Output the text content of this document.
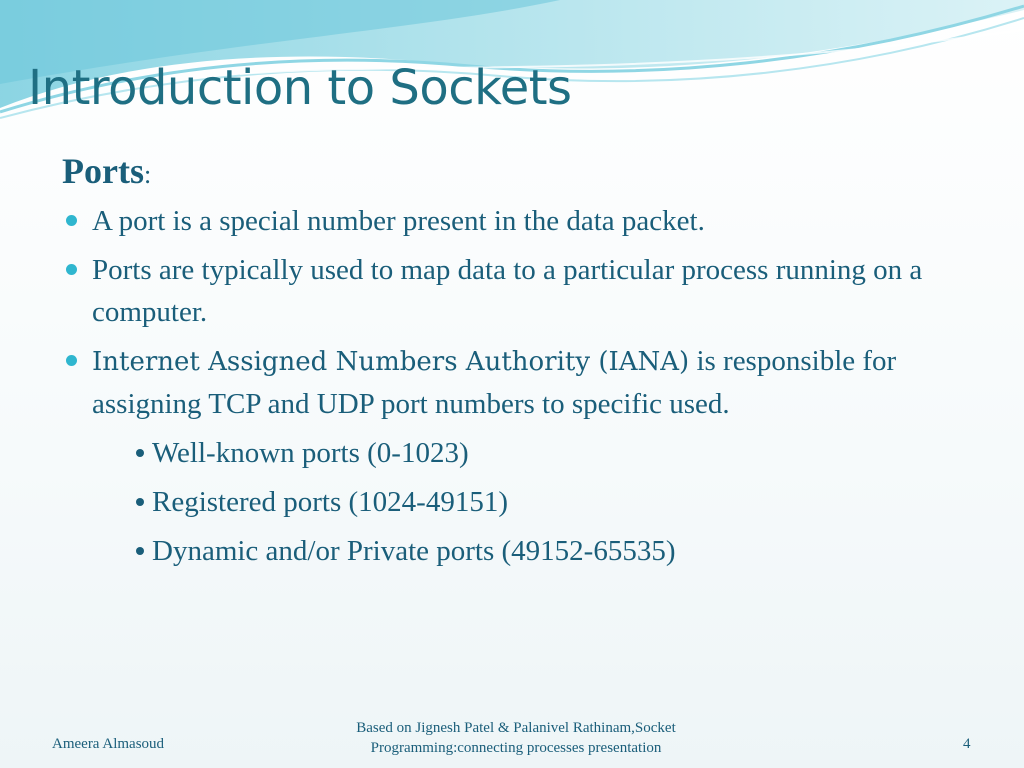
Introduction to Sockets
Ports:
A port is a special number present in the data packet.
Ports are typically used to map data to a particular process running on a computer.
Internet Assigned Numbers Authority (IANA) is responsible for assigning TCP and UDP port numbers to specific used.
Well-known ports (0-1023)
Registered ports (1024-49151)
Dynamic and/or Private ports (49152-65535)
Ameera Almasoud
Based on Jignesh Patel & Palanivel Rathinam,Socket
Programming:connecting processes presentation	4
